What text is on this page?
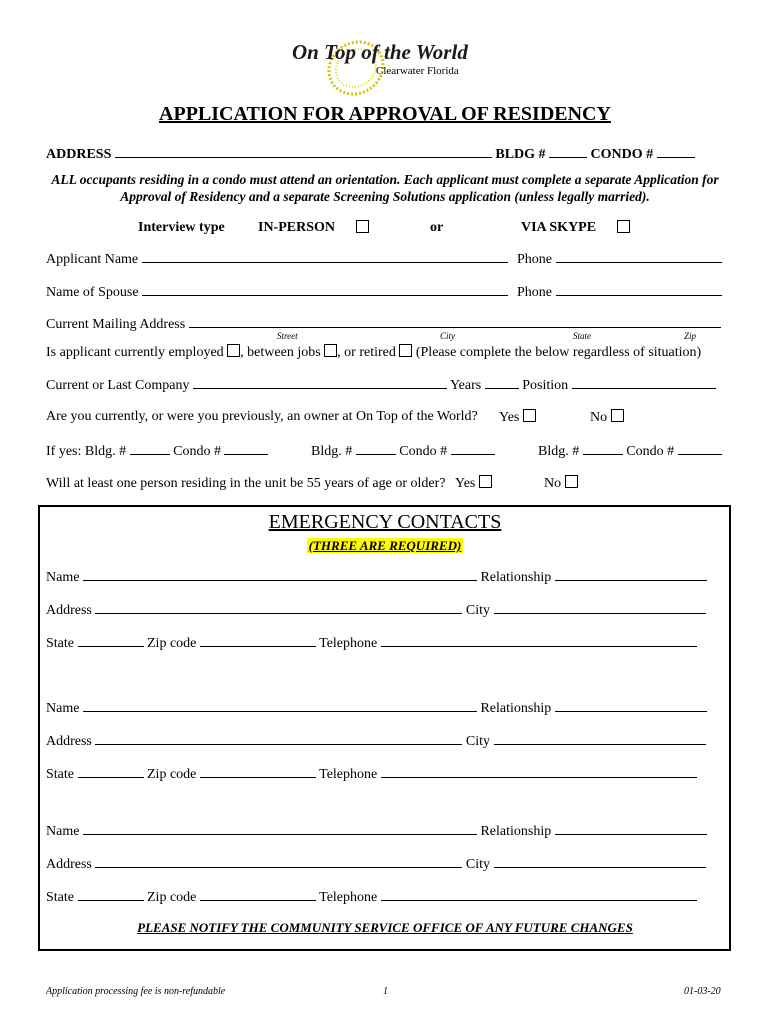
On Top of the World
Clearwater Florida
APPLICATION FOR APPROVAL OF RESIDENCY
ADDRESS	BLDG #	CONDO #
ALL occupants residing in a condo must attend an orientation. Each applicant must complete a separate Application for Approval of Residency and a separate Screening Solutions application (unless legally married).
Interview type IN-PERSON	or	VIA SKYPE
Applicant Name	Phone
Name of Spouse	Phone
Current Mailing Address
Street	City	State	Zip
Is applicant currently employed , between jobs , or retired (Please complete the below regardless of situation)
Current or Last Company	Years	Position
Are you currently, or were you previously, an owner at On Top of the World? Yes	No
If yes: Bldg. #	Condo #	Bldg. #	Condo #	Bldg. #	Condo #
Will at least one person residing in the unit be 55 years of age or older? Yes	No
EMERGENCY CONTACTS
(THREE ARE REQUIRED)
Name	Relationship
Address	City
State	Zip code	Telephone
Name	Relationship
Address	City
State	Zip code	Telephone
Name	Relationship
Address	City
State	Zip code	Telephone
PLEASE NOTIFY THE COMMUNITY SERVICE OFFICE OF ANY FUTURE CHANGES
Application processing fee is non-refundable	1	01-03-20
